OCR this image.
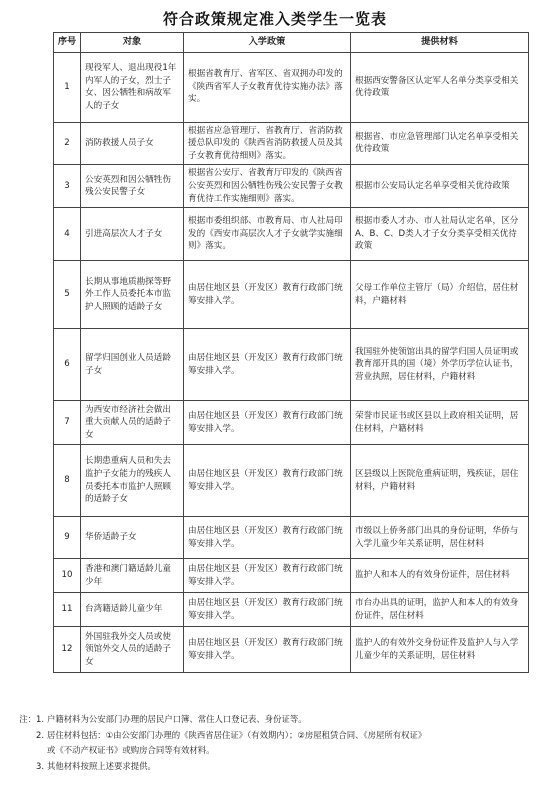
符合政策规定准入类学生一览表
序号	对象	入学政策	提供材料
1	现役军人、退出现役1年内军人的子女，烈士子女、因公牺牲和病故军人的子女	根据省教育厅、省军区、省双拥办印发的《陕西省军人子女教育优待实施办法》落实。	根据西安警备区认定军人名单分类享受相关优待政策
2	消防救援人员子女	根据省应急管理厅、省教育厅、省消防救援总队印发的《陕西省消防救援人员及其子女教育优待细则》落实。	根据省、市应急管理部门认定名单享受相关优待政策
3	公安英烈和因公牺牲伤残公安民警子女	根据省公安厅、省教育厅印发的《陕西省公安英烈和因公牺牲伤残公安民警子女教育优待工作实施细则》落实。	根据市公安局认定名单享受相关优待政策
4	引进高层次人才子女	根据市委组织部、市教育局、市人社局印发的《西安市高层次人才子女就学实施细则》落实。	根据市委人才办、市人社局认定名单，区分A、B、C、D类人才子女分类享受相关优待政策
5	长期从事地质勘探等野外工作人员委托本市监护人照顾的适龄子女	由居住地区县（开发区）教育行政部门统筹安排入学。	父母工作单位主管厅（局）介绍信，居住材料，户籍材料
6	留学归国创业人员适龄子女	由居住地区县（开发区）教育行政部门统筹安排入学。	我国驻外使领馆出具的留学归国人员证明或教育部开具的国（境）外学历学位认证书，营业执照，居住材料，户籍材料
7	为西安市经济社会做出重大贡献人员的适龄子女	由居住地区县（开发区）教育行政部门统筹安排入学。	荣誉市民证书或区县以上政府相关证明，居住材料，户籍材料
8	长期患重病人员和失去监护子女能力的残疾人员委托本市监护人照顾的适龄子女	由居住地区县（开发区）教育行政部门统筹安排入学。	区县级以上医院危重病证明，残疾证，居住材料，户籍材料
9	华侨适龄子女	由居住地区县（开发区）教育行政部门统筹安排入学。	市级以上侨务部门出具的身份证明，华侨与入学儿童少年关系证明，居住材料
10	香港和澳门籍适龄儿童少年	由居住地区县（开发区）教育行政部门统筹安排入学。	监护人和本人的有效身份证件，居住材料
11	台湾籍适龄儿童少年	由居住地区县（开发区）教育行政部门统筹安排入学。	市台办出具的证明，监护人和本人的有效身份证件，居住材料
12	外国驻我外交人员或使领馆外交人员的适龄子女	由居住地区县（开发区）教育行政部门统筹安排入学。	监护人的有效外交身份证件及监护人与入学儿童少年的关系证明，居住材料
注：1. 户籍材料为公安部门办理的居民户口簿、常住人口登记表、身份证等。
2. 居住材料包括：①由公安部门办理的《陕西省居住证》（有效期内）；②房屋租赁合同、《房屋所有权证》
或《不动产权证书》或购房合同等有效材料。
3. 其他材料按照上述要求提供。
